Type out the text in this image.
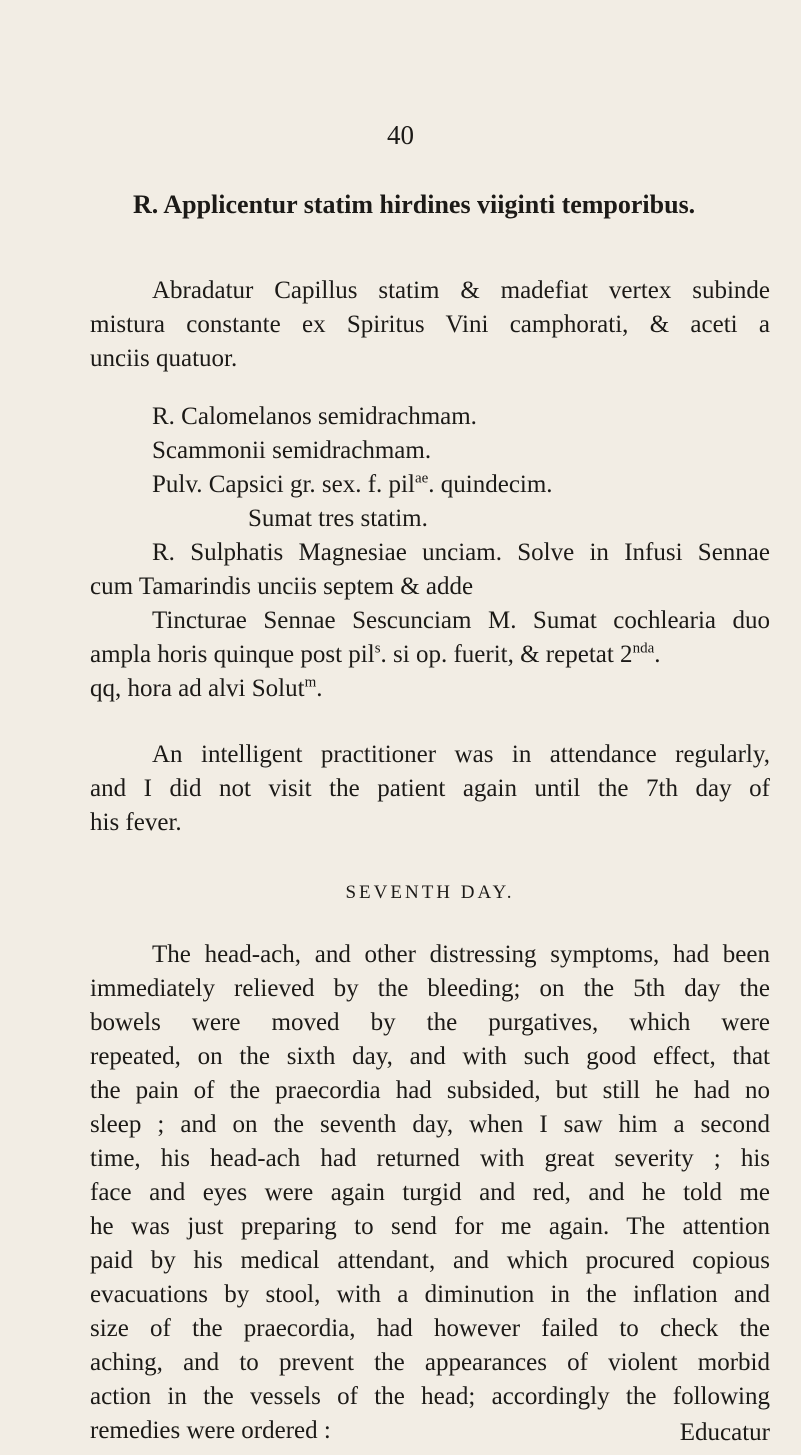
40
R. Applicentur statim hirdines viiginti temporibus.
Abradatur Capillus statim & madefiat vertex subinde
mistura constante ex Spiritus Vini camphorati, & aceti a
unciis quatuor.
R. Calomelanos semidrachmam.
Scammonii semidrachmam.
Pulv. Capsici gr. sex. f. pil$^{ae}$. quindecim.
Sumat tres statim.
R. Sulphatis Magnesiae unciam. Solve in Infusi Sennae
cum Tamarindis unciis septem & adde
Tincturae Sennae Sescunciam M. Sumat cochlearia duo
ampla horis quinque post pil$^s$. si op. fuerit, & repetat $2^{nda}$.
qq, hora ad alvi Solut$^m$.
An intelligent practitioner was in attendance regularly,
and I did not visit the patient again until the 7th day of
his fever.
SEVENTH DAY.
The head-ach, and other distressing symptoms, had been
immediately relieved by the bleeding; on the 5th day the
bowels were moved by the purgatives, which were
repeated, on the sixth day, and with such good effect, that
the pain of the praecordia had subsided, but still he had no
sleep ; and on the seventh day, when I saw him a second
time, his head-ach had returned with great severity ; his
face and eyes were again turgid and red, and he told me
he was just preparing to send for me again. The attention
paid by his medical attendant, and which procured copious
evacuations by stool, with a diminution in the inflation and
size of the praecordia, had however failed to check the
aching, and to prevent the appearances of violent morbid
action in the vessels of the head; accordingly the following
remedies were ordered :	Educatur
